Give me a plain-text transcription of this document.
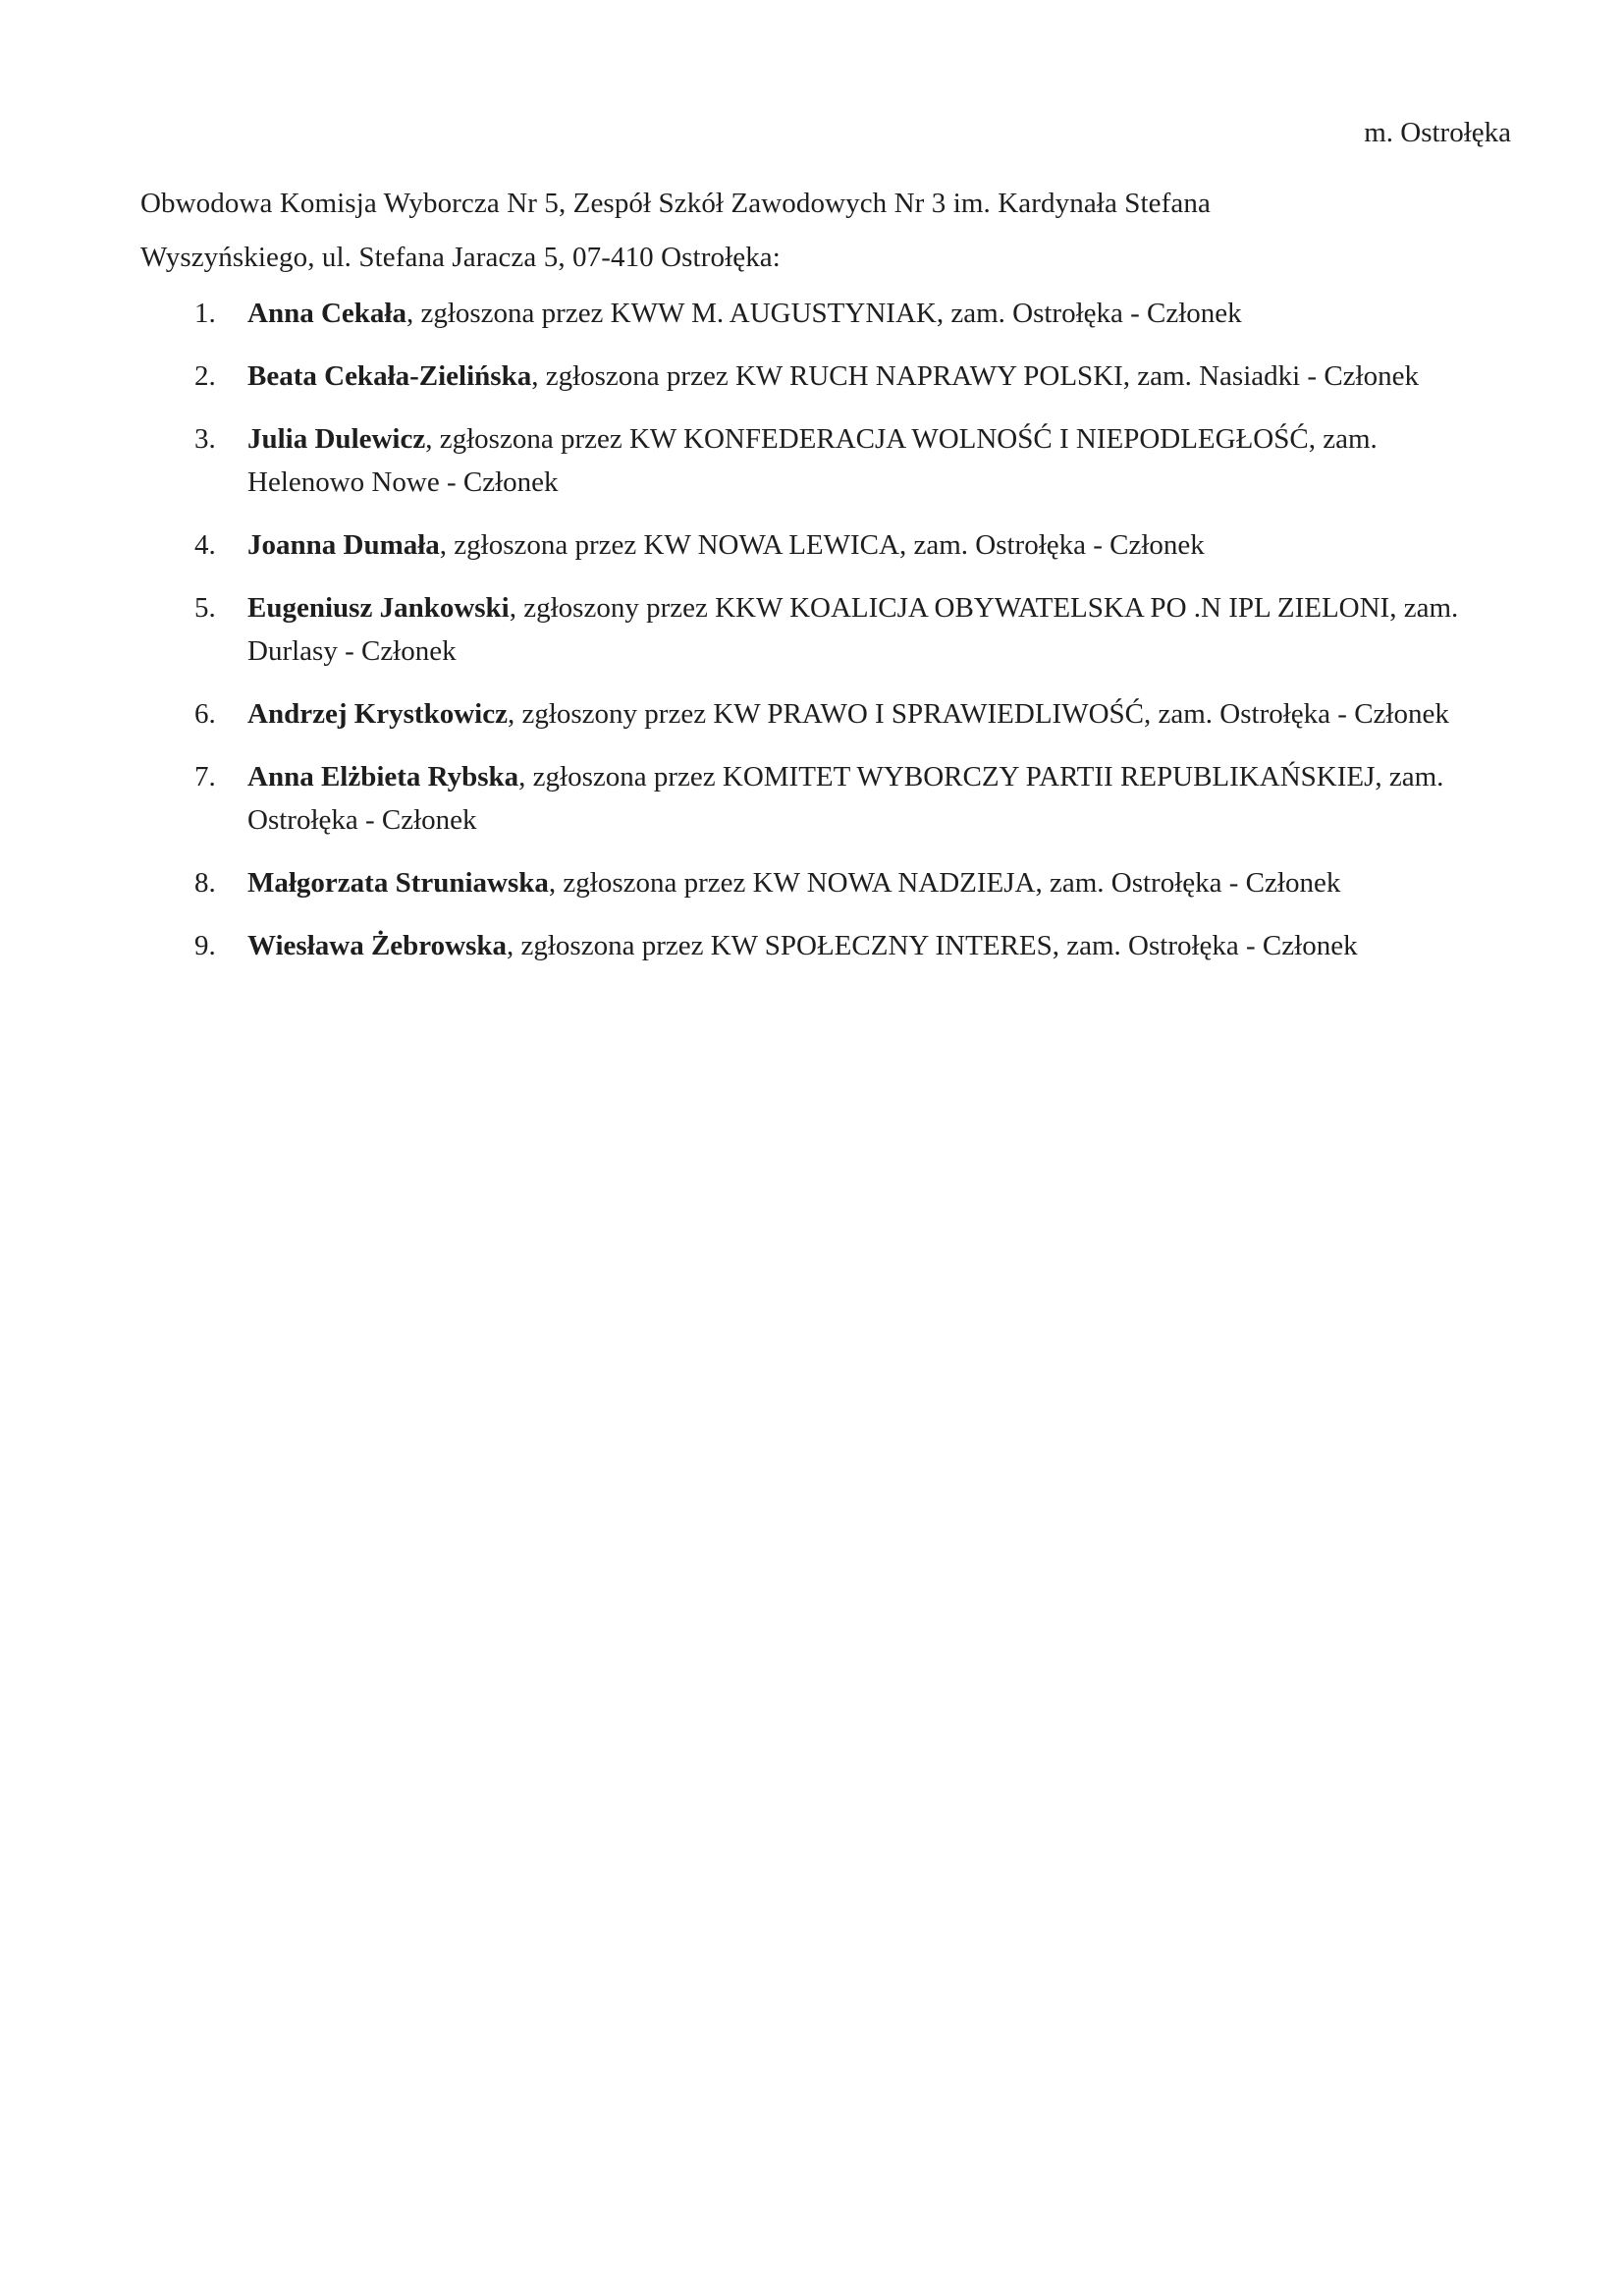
m. Ostrołęka
Obwodowa Komisja Wyborcza Nr 5, Zespół Szkół Zawodowych Nr 3 im. Kardynała Stefana Wyszyńskiego, ul. Stefana Jaracza 5, 07-410 Ostrołęka:
1.	Anna Cekała, zgłoszona przez KWW M. AUGUSTYNIAK, zam. Ostrołęka - Członek
2.	Beata Cekała-Zielińska, zgłoszona przez KW RUCH NAPRAWY POLSKI, zam. Nasiadki - Członek
3.	Julia Dulewicz, zgłoszona przez KW KONFEDERACJA WOLNOŚĆ I NIEPODLEGŁOŚĆ, zam. Helenowo Nowe - Członek
4.	Joanna Dumała, zgłoszona przez KW NOWA LEWICA, zam. Ostrołęka - Członek
5.	Eugeniusz Jankowski, zgłoszony przez KKW KOALICJA OBYWATELSKA PO .N IPL ZIELONI, zam. Durlasy - Członek
6.	Andrzej Krystkowicz, zgłoszony przez KW PRAWO I SPRAWIEDLIWOŚĆ, zam. Ostrołęka - Członek
7.	Anna Elżbieta Rybska, zgłoszona przez KOMITET WYBORCZY PARTII REPUBLIKAŃSKIEJ, zam. Ostrołęka - Członek
8.	Małgorzata Struniawska, zgłoszona przez KW NOWA NADZIEJA, zam. Ostrołęka - Członek
9.	Wiesława Żebrowska, zgłoszona przez KW SPOŁECZNY INTERES, zam. Ostrołęka - Członek
